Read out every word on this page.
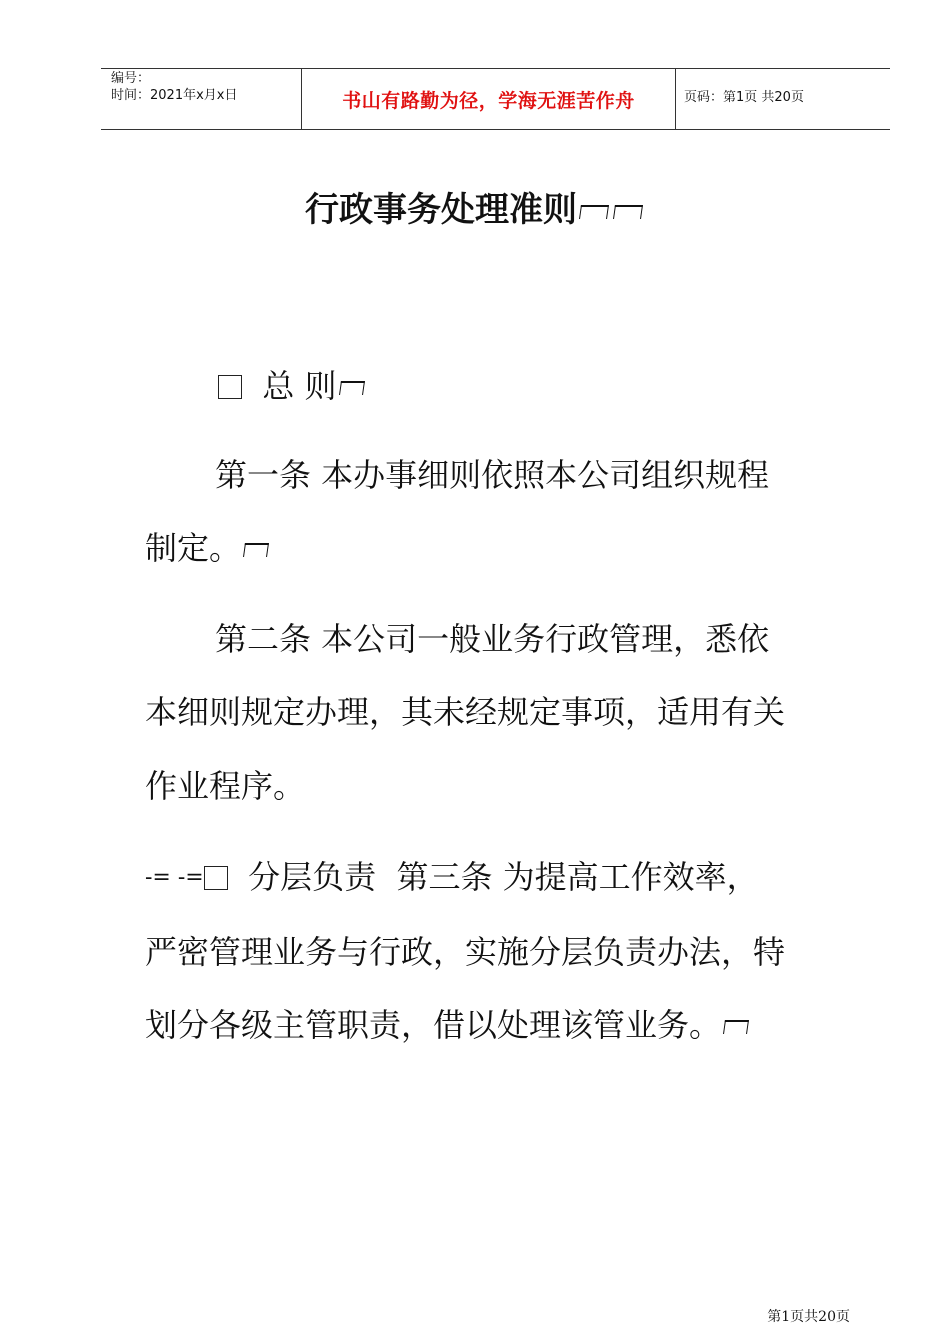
编号：
时间：2021年x月x日	书山有路勤为径，学海无涯苦作舟	页码：第1页 共20页
行政事务处理准则
总 则
第一条 本办事细则依照本公司组织规程
制定。
第二条 本公司一般业务行政管理，悉依
本细则规定办理，其未经规定事项，适用有关
作业程序。
-= -= 分层负责 第三条 为提高工作效率，
严密管理业务与行政，实施分层负责办法，特
划分各级主管职责，借以处理该管业务。
第1页共20页
